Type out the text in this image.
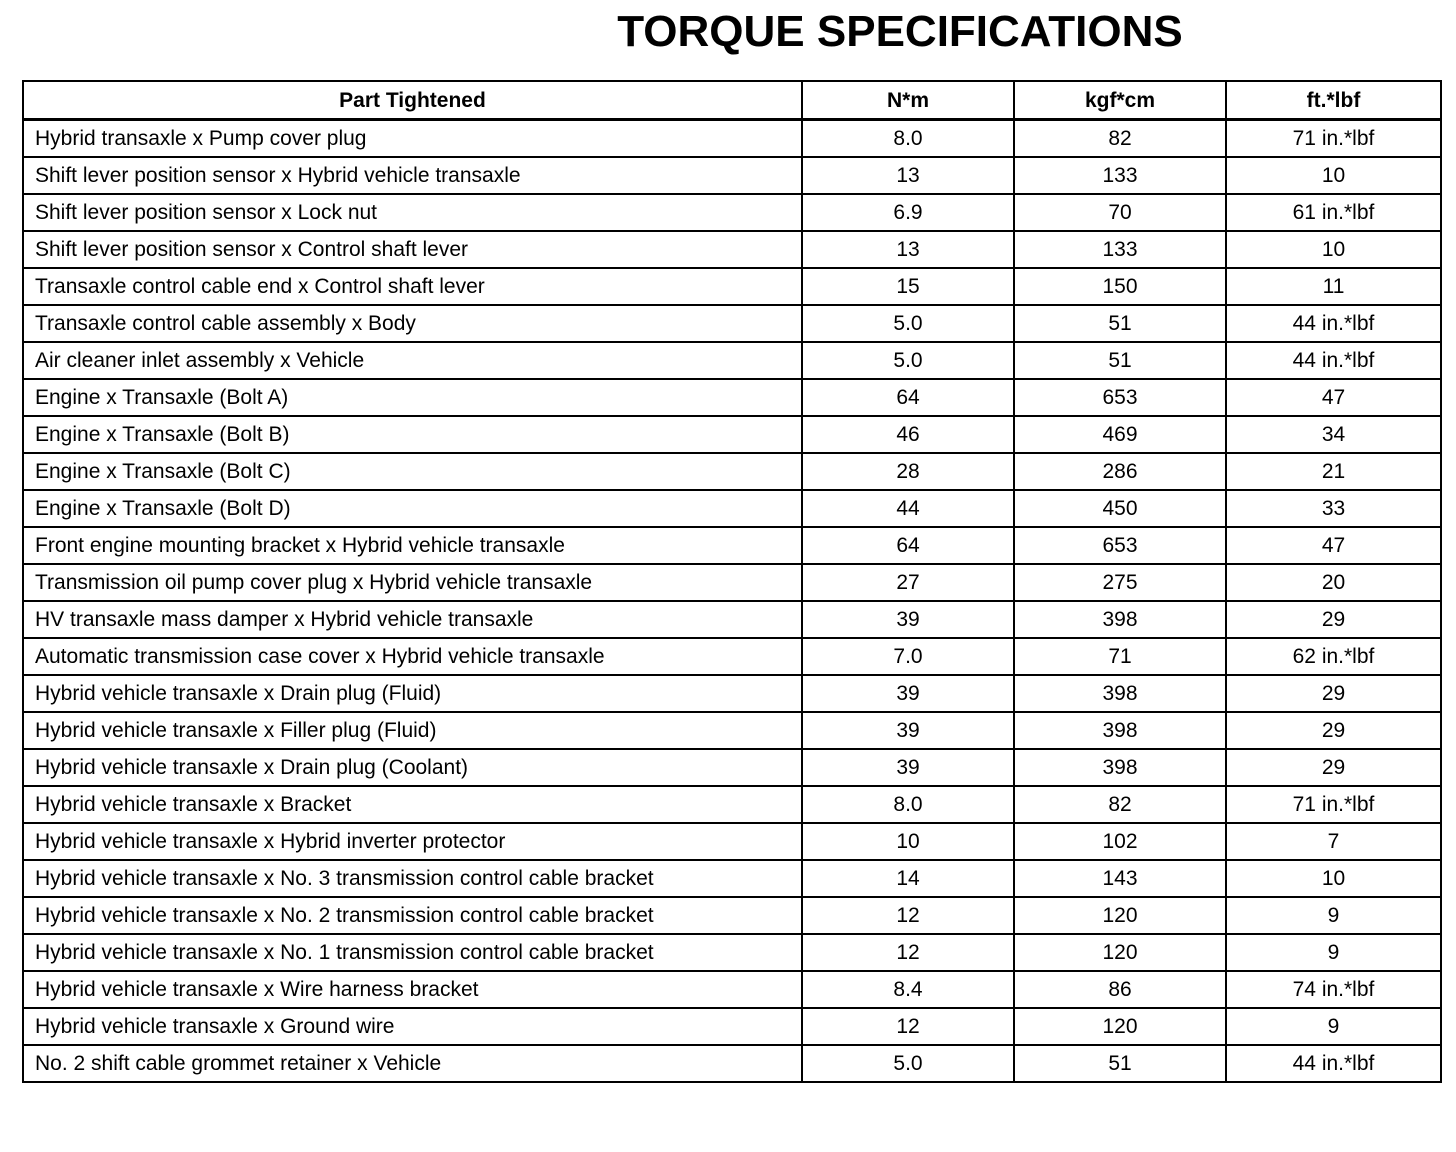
TORQUE SPECIFICATIONS
Part Tightened	N*m	kgf*cm	ft.*lbf
Hybrid transaxle x Pump cover plug	8.0	82	71 in.*lbf
Shift lever position sensor x Hybrid vehicle transaxle	13	133	10
Shift lever position sensor x Lock nut	6.9	70	61 in.*lbf
Shift lever position sensor x Control shaft lever	13	133	10
Transaxle control cable end x Control shaft lever	15	150	11
Transaxle control cable assembly x Body	5.0	51	44 in.*lbf
Air cleaner inlet assembly x Vehicle	5.0	51	44 in.*lbf
Engine x Transaxle (Bolt A)	64	653	47
Engine x Transaxle (Bolt B)	46	469	34
Engine x Transaxle (Bolt C)	28	286	21
Engine x Transaxle (Bolt D)	44	450	33
Front engine mounting bracket x Hybrid vehicle transaxle	64	653	47
Transmission oil pump cover plug x Hybrid vehicle transaxle	27	275	20
HV transaxle mass damper x Hybrid vehicle transaxle	39	398	29
Automatic transmission case cover x Hybrid vehicle transaxle	7.0	71	62 in.*lbf
Hybrid vehicle transaxle x Drain plug (Fluid)	39	398	29
Hybrid vehicle transaxle x Filler plug (Fluid)	39	398	29
Hybrid vehicle transaxle x Drain plug (Coolant)	39	398	29
Hybrid vehicle transaxle x Bracket	8.0	82	71 in.*lbf
Hybrid vehicle transaxle x Hybrid inverter protector	10	102	7
Hybrid vehicle transaxle x No. 3 transmission control cable bracket	14	143	10
Hybrid vehicle transaxle x No. 2 transmission control cable bracket	12	120	9
Hybrid vehicle transaxle x No. 1 transmission control cable bracket	12	120	9
Hybrid vehicle transaxle x Wire harness bracket	8.4	86	74 in.*lbf
Hybrid vehicle transaxle x Ground wire	12	120	9
No. 2 shift cable grommet retainer x Vehicle	5.0	51	44 in.*lbf
